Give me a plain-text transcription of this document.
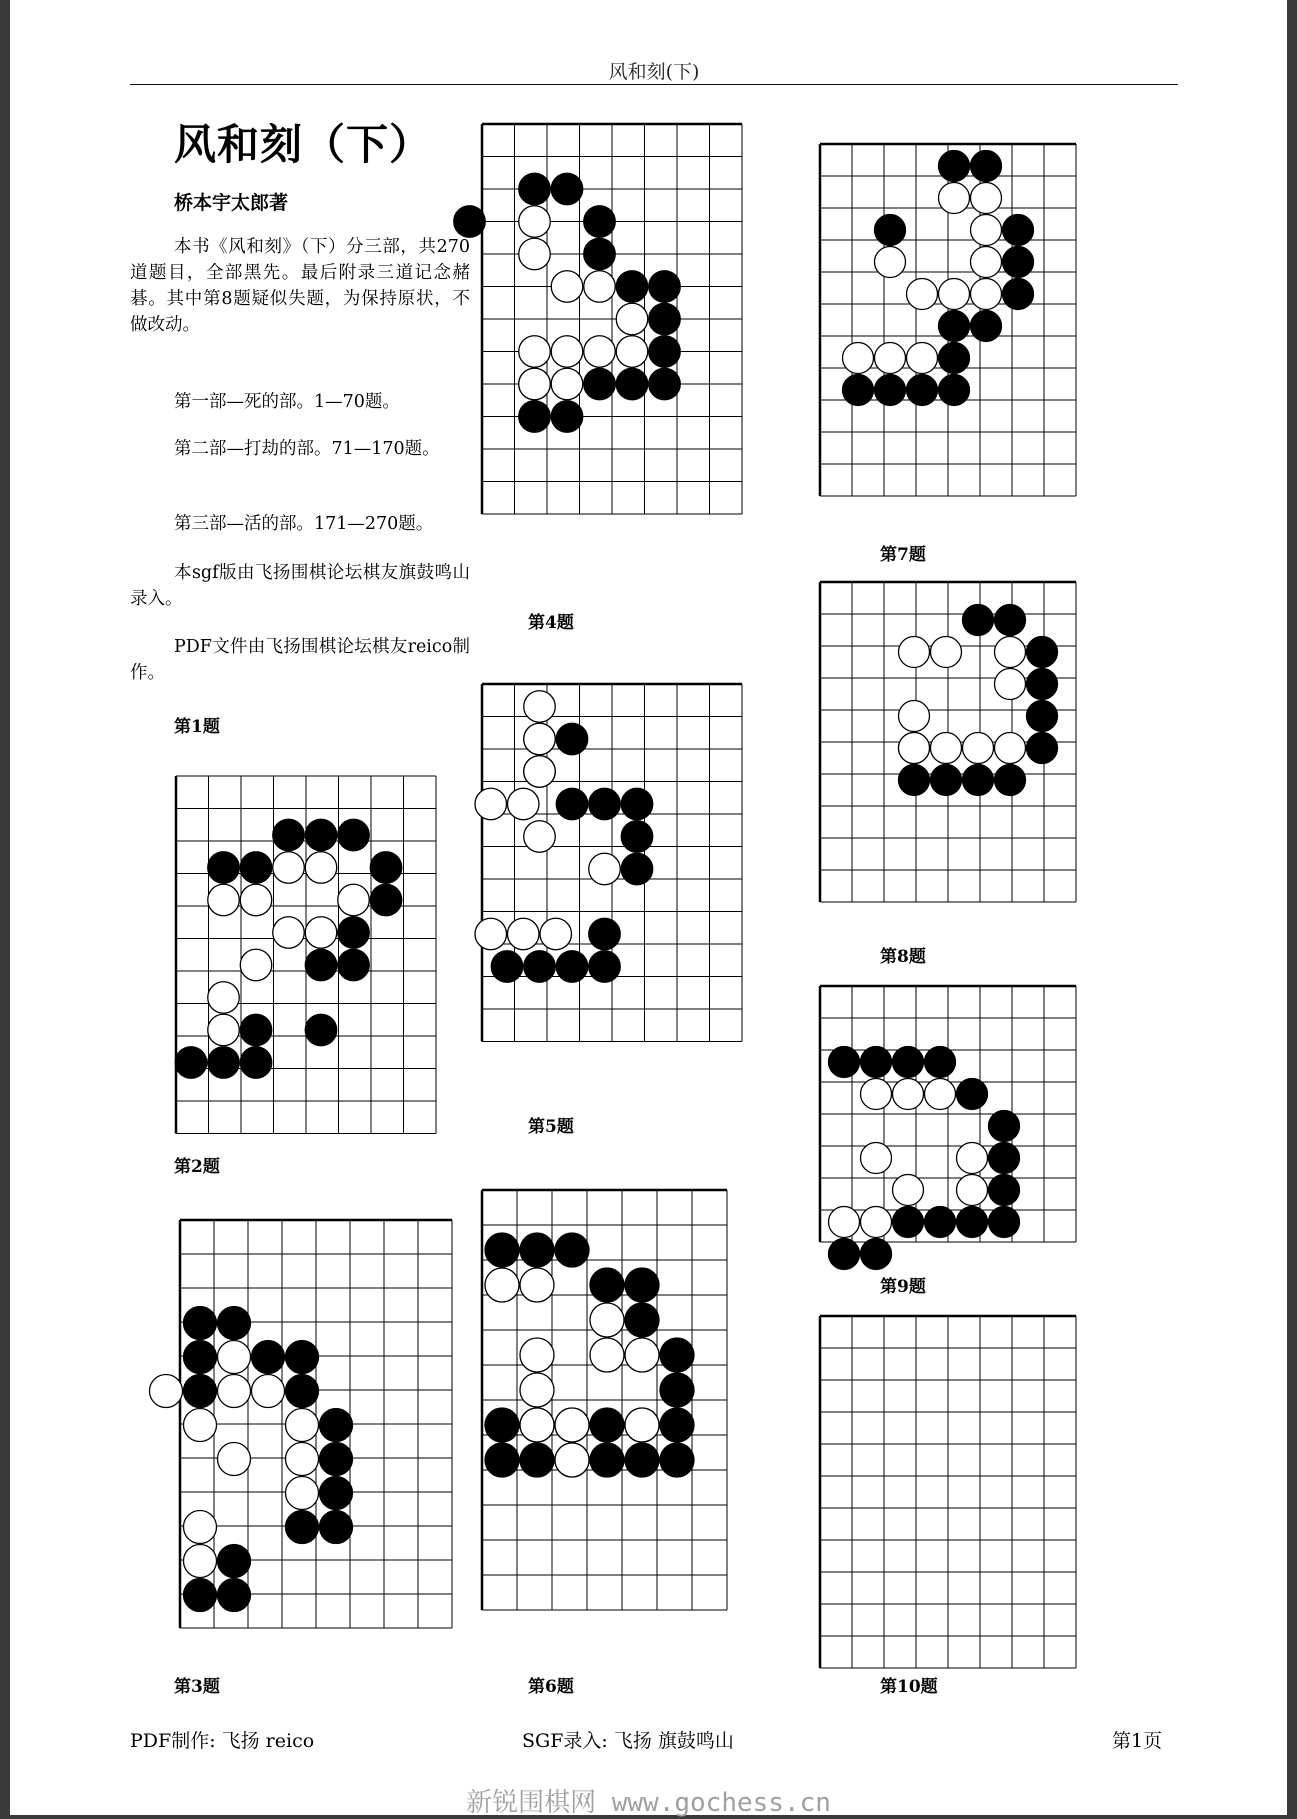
风和刻(下)
风和刻（下）
桥本宇太郎著
本书《风和刻》（下）分三部，共270道题目，全部黑先。最后附录三道记念赭碁。其中第8题疑似失题，为保持原状，不做改动。
第一部—死的部。1—70题。
第二部—打劫的部。71—170题。
第三部—活的部。171—270题。
本sgf版由飞扬围棋论坛棋友旗鼓鸣山录入。
PDF文件由飞扬围棋论坛棋友reico制作。
第1题
第2题
第3题
第4题
第5题
第6题
第7题
第8题
第9题
第10题
PDF制作: 飞扬 reico	SGF录入: 飞扬 旗鼓鸣山	第1页
新锐围棋网 www.gochess.cn
